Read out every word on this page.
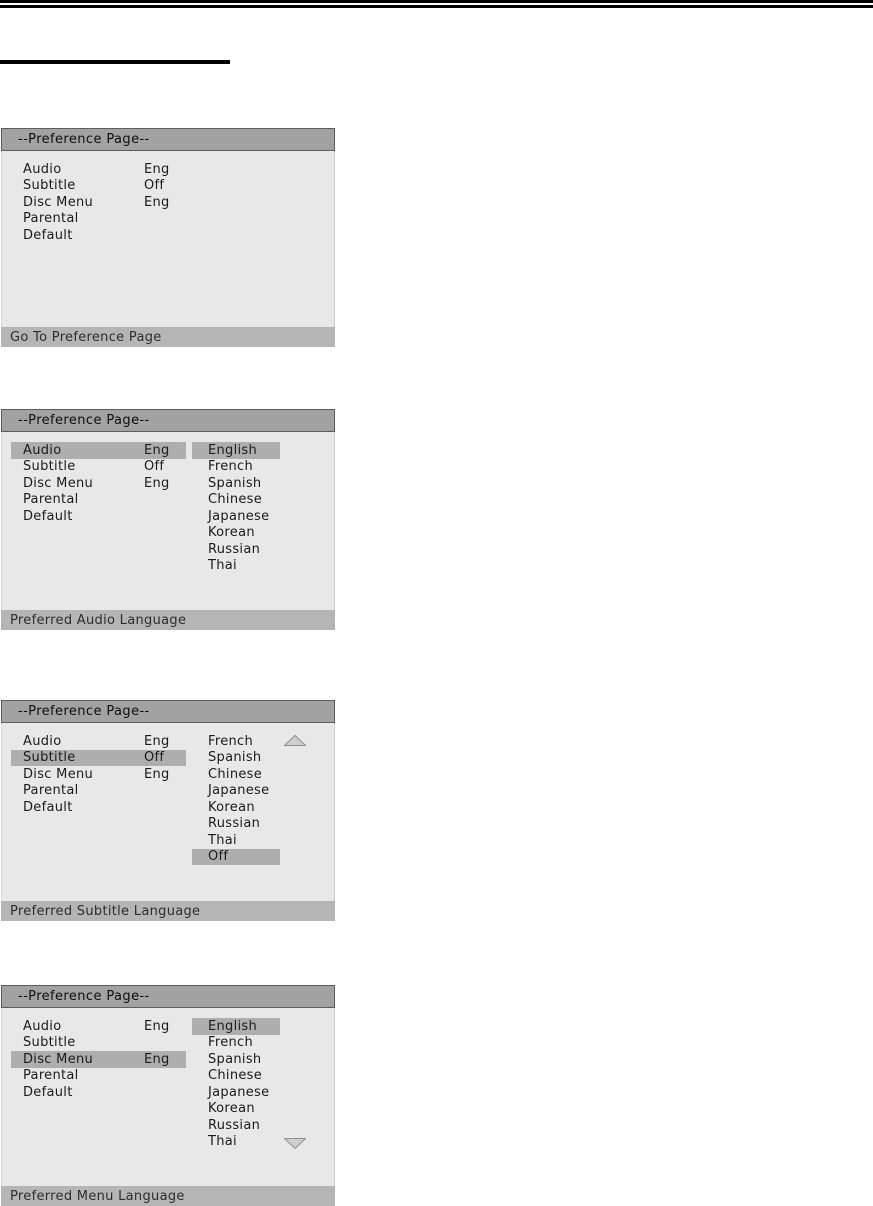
--Preference Page--
Audio	Eng
Subtitle	Off
Disc Menu	Eng
Parental
Default
Go To Preference Page
--Preference Page--
Audio	Eng
Subtitle	Off
Disc Menu	Eng
Parental
Default
English
French
Spanish
Chinese
Japanese
Korean
Russian
Thai
Preferred Audio Language
--Preference Page--
Audio	Eng
Subtitle	Off
Disc Menu	Eng
Parental
Default
French
Spanish
Chinese
Japanese
Korean
Russian
Thai
Off
Preferred Subtitle Language
--Preference Page--
Audio	Eng
Subtitle
Disc Menu	Eng
Parental
Default
English
French
Spanish
Chinese
Japanese
Korean
Russian
Thai
Preferred Menu Language
